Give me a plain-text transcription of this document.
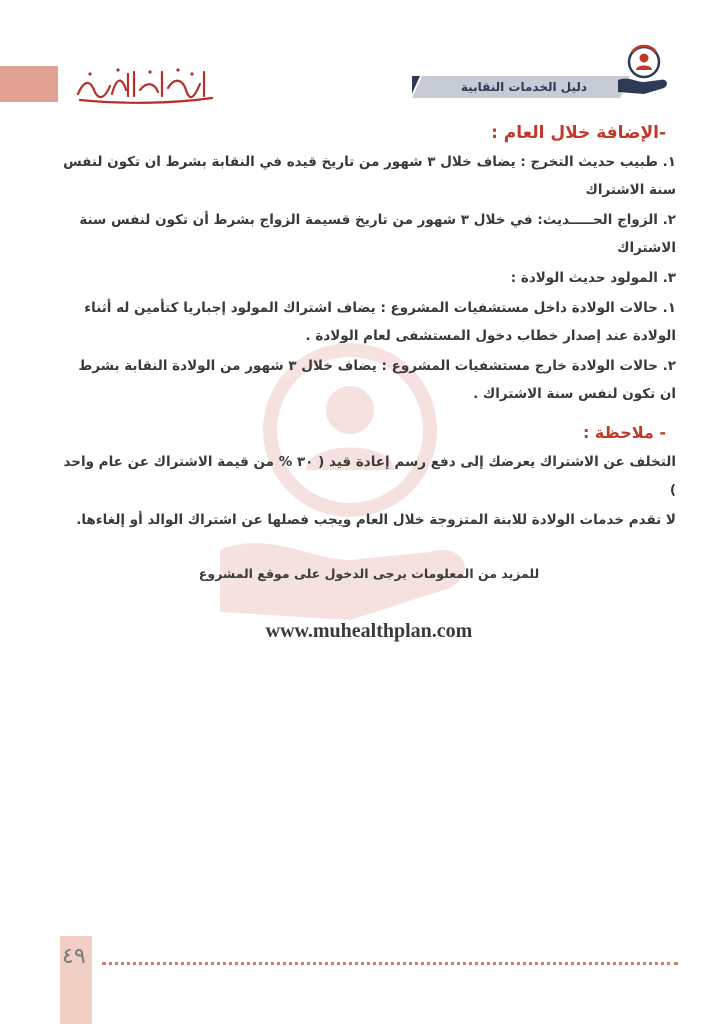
دليل الخدمات النقابية
-الإضافة خلال العام :

١. طبيب حديث التخرج : يضاف خلال ٣ شهور من تاريخ قيده في النقابة بشرط ان تكون لنفس سنة الاشتراك

٢. الزواج الحـــــديث: في خلال ٣ شهور من تاريخ قسيمة الزواج بشرط أن تكون لنفس سنة الاشتراك

٣. المولود حديث الولادة :

١. حالات الولادة داخل مستشفيات المشروع : يضاف اشتراك المولود إجباريا كتأمين له أثناء الولادة عند إصدار خطاب دخول المستشفى لعام الولادة .

٢. حالات الولادة خارج مستشفيات المشروع : يضاف خلال ٣ شهور من الولادة النقابة بشرط ان تكون لنفس سنة الاشتراك .

- ملاحظة :

التخلف عن الاشتراك يعرضك إلى دفع رسم إعادة قيد ( ٣٠ % من قيمة الاشتراك عن عام واحد )

لا تقدم خدمات الولادة للابنة المتزوجة خلال العام ويجب فصلها عن اشتراك الوالد أو إلغاءها.

للمزيد من المعلومات يرجى الدخول على موقع المشروع
www.muhealthplan.com
٤٩
